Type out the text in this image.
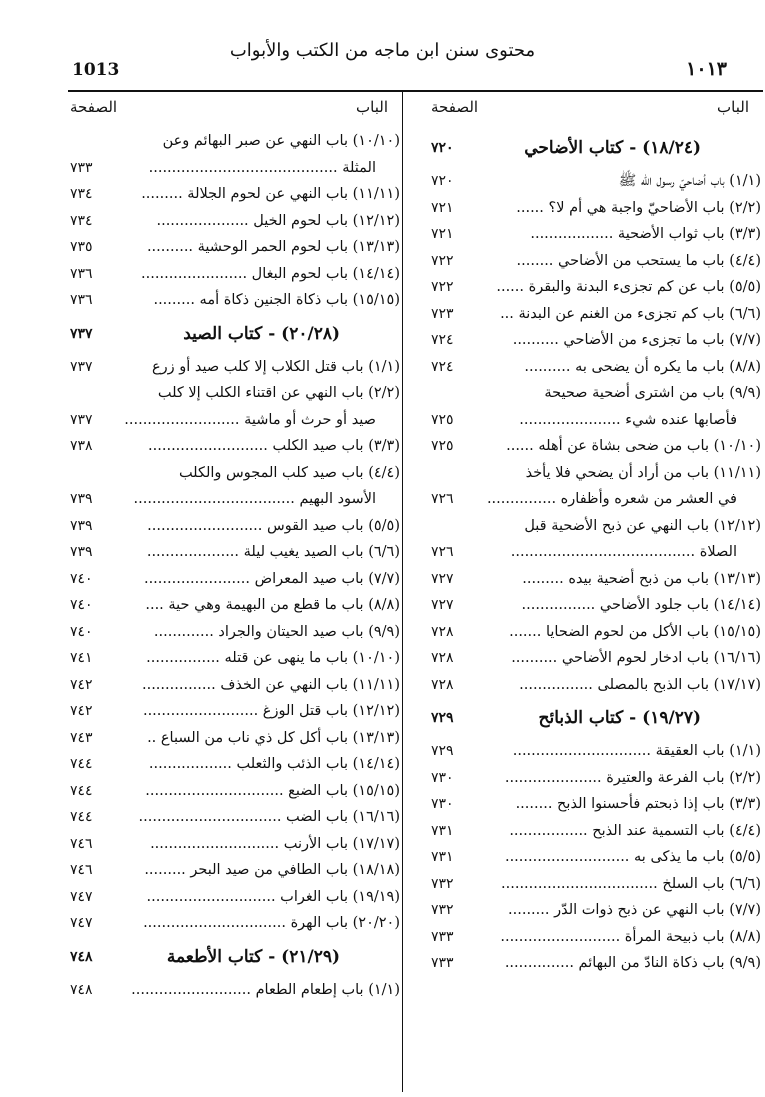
محتوى سنن ابن ماجه من الكتب والأبواب
1013	١٠١٣
الباب
الصفحة
(١٨/٢٤) - كتاب الأضاحي
٧٢٠
(١/١) باب أضاحيّ رسول الله ﷺ
٧٢٠
(٢/٢) باب الأضاحيّ واجبة هي أم لا؟ ......
٧٢١
(٣/٣) باب ثواب الأضحية ..................
٧٢١
(٤/٤) باب ما يستحب من الأضاحي ........
٧٢٢
(٥/٥) باب عن كم تجزىء البدنة والبقرة ......
٧٢٢
(٦/٦) باب كم تجزىء من الغنم عن البدنة ...
٧٢٣
(٧/٧) باب ما تجزىء من الأضاحي ..........
٧٢٤
(٨/٨) باب ما يكره أن يضحى به ..........
٧٢٤
(٩/٩) باب من اشترى أضحية صحيحة
فأصابها عنده شيء ......................
٧٢٥
(١٠/١٠) باب من ضحى بشاة عن أهله ......
٧٢٥
(١١/١١) باب من أراد أن يضحي فلا يأخذ
في العشر من شعره وأظفاره ...............
٧٢٦
(١٢/١٢) باب النهي عن ذبح الأضحية قبل
الصلاة ........................................
٧٢٦
(١٣/١٣) باب من ذبح أضحية بيده .........
٧٢٧
(١٤/١٤) باب جلود الأضاحي ................
٧٢٧
(١٥/١٥) باب الأكل من لحوم الضحايا .......
٧٢٨
(١٦/١٦) باب ادخار لحوم الأضاحي ..........
٧٢٨
(١٧/١٧) باب الذبح بالمصلى ................
٧٢٨
(١٩/٢٧) - كتاب الذبائح
٧٢٩
(١/١) باب العقيقة ..............................
٧٢٩
(٢/٢) باب الفرعة والعتيرة .....................
٧٣٠
(٣/٣) باب إذا ذبحتم فأحسنوا الذبح ........
٧٣٠
(٤/٤) باب التسمية عند الذبح .................
٧٣١
(٥/٥) باب ما يذكى به ...........................
٧٣١
(٦/٦) باب السلخ ..................................
٧٣٢
(٧/٧) باب النهي عن ذبح ذوات الدّر .........
٧٣٢
(٨/٨) باب ذبيحة المرأة ..........................
٧٣٣
(٩/٩) باب ذكاة النادّ من البهائم ...............
٧٣٣
الباب
الصفحة
(١٠/١٠) باب النهي عن صبر البهائم وعن
المثلة .........................................
٧٣٣
(١١/١١) باب النهي عن لحوم الجلالة .........
٧٣٤
(١٢/١٢) باب لحوم الخيل ....................
٧٣٤
(١٣/١٣) باب لحوم الحمر الوحشية ..........
٧٣٥
(١٤/١٤) باب لحوم البغال .......................
٧٣٦
(١٥/١٥) باب ذكاة الجنين ذكاة أمه .........
٧٣٦
(٢٠/٢٨) - كتاب الصيد
٧٣٧
(١/١) باب قتل الكلاب إلا كلب صيد أو زرع
٧٣٧
(٢/٢) باب النهي عن اقتناء الكلب إلا كلب
صيد أو حرث أو ماشية .........................
٧٣٧
(٣/٣) باب صيد الكلب ..........................
٧٣٨
(٤/٤) باب صيد كلب المجوس والكلب
الأسود البهيم ...................................
٧٣٩
(٥/٥) باب صيد القوس .........................
٧٣٩
(٦/٦) باب الصيد يغيب ليلة ....................
٧٣٩
(٧/٧) باب صيد المعراض .......................
٧٤٠
(٨/٨) باب ما قطع من البهيمة وهي حية ....
٧٤٠
(٩/٩) باب صيد الحيتان والجراد .............
٧٤٠
(١٠/١٠) باب ما ينهى عن قتله ................
٧٤١
(١١/١١) باب النهي عن الخذف ................
٧٤٢
(١٢/١٢) باب قتل الوزغ .........................
٧٤٢
(١٣/١٣) باب أكل كل ذي ناب من السباع ..
٧٤٣
(١٤/١٤) باب الذئب والثعلب ..................
٧٤٤
(١٥/١٥) باب الضبع ..............................
٧٤٤
(١٦/١٦) باب الضب ...............................
٧٤٤
(١٧/١٧) باب الأرنب ............................
٧٤٦
(١٨/١٨) باب الطافي من صيد البحر .........
٧٤٦
(١٩/١٩) باب الغراب ............................
٧٤٧
(٢٠/٢٠) باب الهرة ...............................
٧٤٧
(٢١/٢٩) - كتاب الأطعمة
٧٤٨
(١/١) باب إطعام الطعام ..........................
٧٤٨
